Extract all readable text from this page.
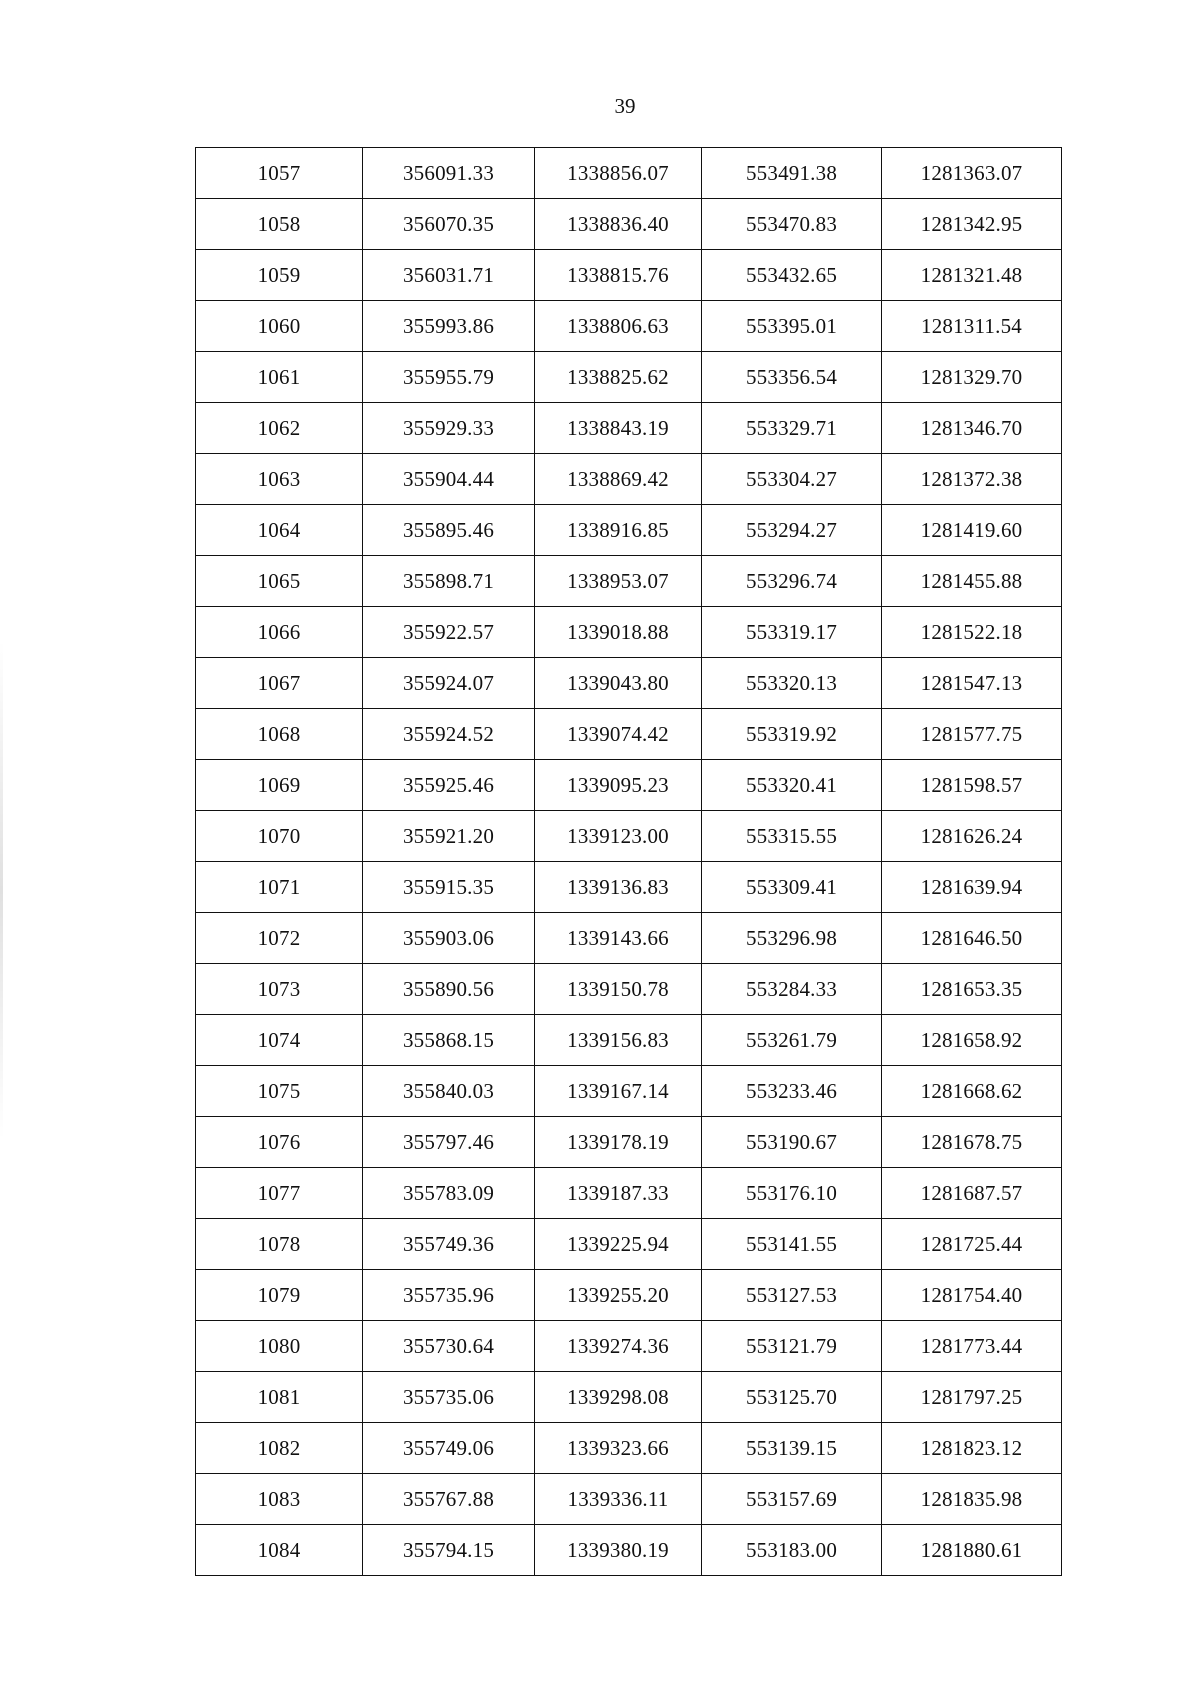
39
1057	356091.33	1338856.07	553491.38	1281363.07
1058	356070.35	1338836.40	553470.83	1281342.95
1059	356031.71	1338815.76	553432.65	1281321.48
1060	355993.86	1338806.63	553395.01	1281311.54
1061	355955.79	1338825.62	553356.54	1281329.70
1062	355929.33	1338843.19	553329.71	1281346.70
1063	355904.44	1338869.42	553304.27	1281372.38
1064	355895.46	1338916.85	553294.27	1281419.60
1065	355898.71	1338953.07	553296.74	1281455.88
1066	355922.57	1339018.88	553319.17	1281522.18
1067	355924.07	1339043.80	553320.13	1281547.13
1068	355924.52	1339074.42	553319.92	1281577.75
1069	355925.46	1339095.23	553320.41	1281598.57
1070	355921.20	1339123.00	553315.55	1281626.24
1071	355915.35	1339136.83	553309.41	1281639.94
1072	355903.06	1339143.66	553296.98	1281646.50
1073	355890.56	1339150.78	553284.33	1281653.35
1074	355868.15	1339156.83	553261.79	1281658.92
1075	355840.03	1339167.14	553233.46	1281668.62
1076	355797.46	1339178.19	553190.67	1281678.75
1077	355783.09	1339187.33	553176.10	1281687.57
1078	355749.36	1339225.94	553141.55	1281725.44
1079	355735.96	1339255.20	553127.53	1281754.40
1080	355730.64	1339274.36	553121.79	1281773.44
1081	355735.06	1339298.08	553125.70	1281797.25
1082	355749.06	1339323.66	553139.15	1281823.12
1083	355767.88	1339336.11	553157.69	1281835.98
1084	355794.15	1339380.19	553183.00	1281880.61
